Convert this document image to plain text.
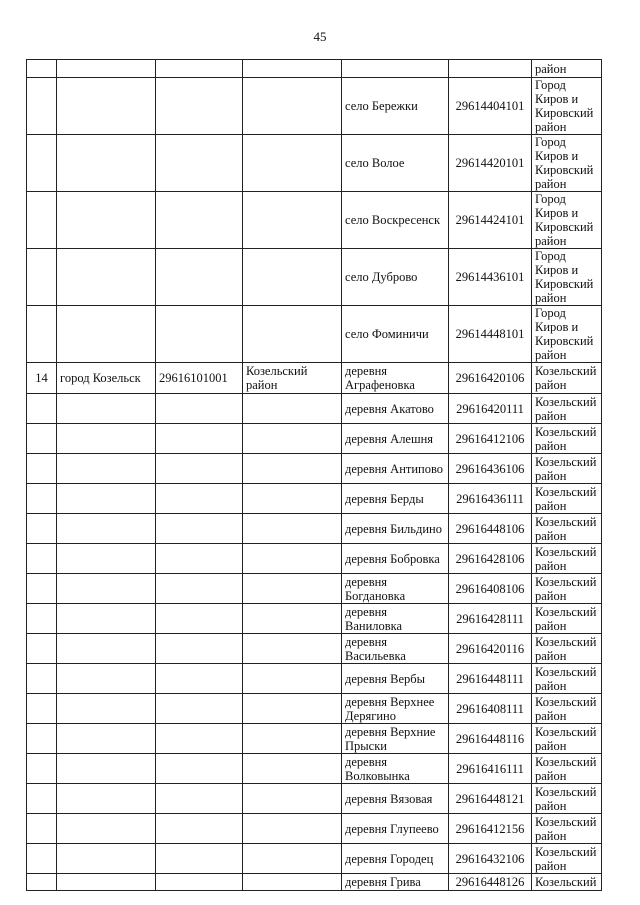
45
						район
				село Бережки	29614404101	Город Киров и Кировский район
				село Волое	29614420101	Город Киров и Кировский район
				село Воскресенск	29614424101	Город Киров и Кировский район
				село Дуброво	29614436101	Город Киров и Кировский район
				село Фоминичи	29614448101	Город Киров и Кировский район
14	город Козельск	29616101001	Козельский район	деревня Аграфеновка	29616420106	Козельский район
				деревня Акатово	29616420111	Козельский район
				деревня Алешня	29616412106	Козельский район
				деревня Антипово	29616436106	Козельский район
				деревня Берды	29616436111	Козельский район
				деревня Бильдино	29616448106	Козельский район
				деревня Бобровка	29616428106	Козельский район
				деревня Богдановка	29616408106	Козельский район
				деревня Ваниловка	29616428111	Козельский район
				деревня Васильевка	29616420116	Козельский район
				деревня Вербы	29616448111	Козельский район
				деревня Верхнее Дерягино	29616408111	Козельский район
				деревня Верхние Прыски	29616448116	Козельский район
				деревня Волковынка	29616416111	Козельский район
				деревня Вязовая	29616448121	Козельский район
				деревня Глупеево	29616412156	Козельский район
				деревня Городец	29616432106	Козельский район
				деревня Грива	29616448126	Козельский
